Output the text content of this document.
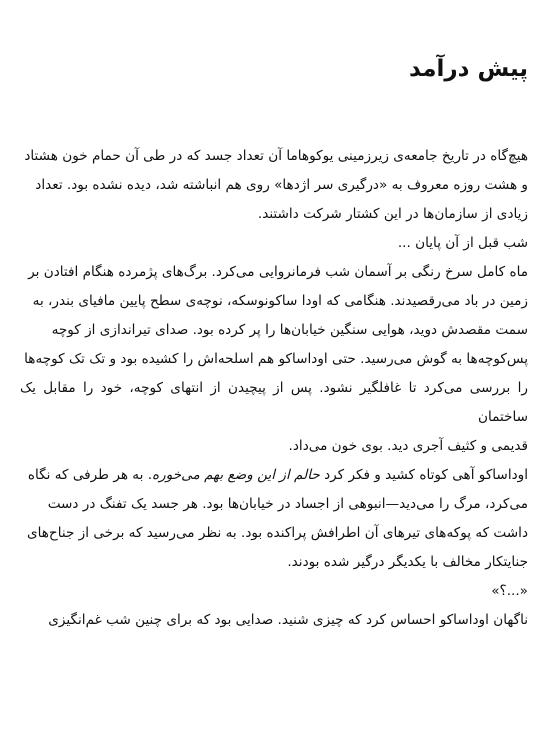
پیش درآمد

هیچ‌گاه در تاریخ جامعه‌ی زیرزمینی یوکوهاما آن تعداد جسد که در طی آن حمام خون هشتاد
و هشت روزه معروف به «درگیری سر اژدها» روی هم انباشته شد، دیده نشده بود. تعداد
زیادی از سازمان‌ها در این کشتار شرکت داشتند.

شب قبل از آن پایان ...

ماه کامل سرخ رنگی بر آسمان شب فرمانروایی می‌کرد. برگ‌های پژمرده هنگام افتادن بر
زمین در باد می‌رقصیدند. هنگامی که اودا ساکونوسکه، نوچه‌ی سطح پایین مافیای بندر، به
سمت مقصدش دوید، هوایی سنگین خیابان‌ها را پر کرده بود. صدای تیراندازی از کوچه
پس‌کوچه‌ها به گوش می‌رسید. حتی اوداساکو هم اسلحه‌اش را کشیده بود و تک تک کوچه‌ها
را بررسی می‌کرد تا غافلگیر نشود. پس از پیچیدن از انتهای کوچه، خود را مقابل یک ساختمان
قدیمی و کثیف آجری دید. بوی خون می‌داد.

اوداساکو آهی کوتاه کشید و فکر کرد حالم از این وضع بهم می‌خوره. به هر طرفی که نگاه
می‌کرد، مرگ را می‌دید—انبوهی از اجساد در خیابان‌ها بود. هر جسد یک تفنگ در دست
داشت که پوکه‌های تیرهای آن اطرافش پراکنده بود. به نظر می‌رسید که برخی از جناح‌های
جنایتکار مخالف با یکدیگر درگیر شده بودند.

«...؟»

ناگهان اوداساکو احساس کرد که چیزی شنید. صدایی بود که برای چنین شب غم‌انگیزی
